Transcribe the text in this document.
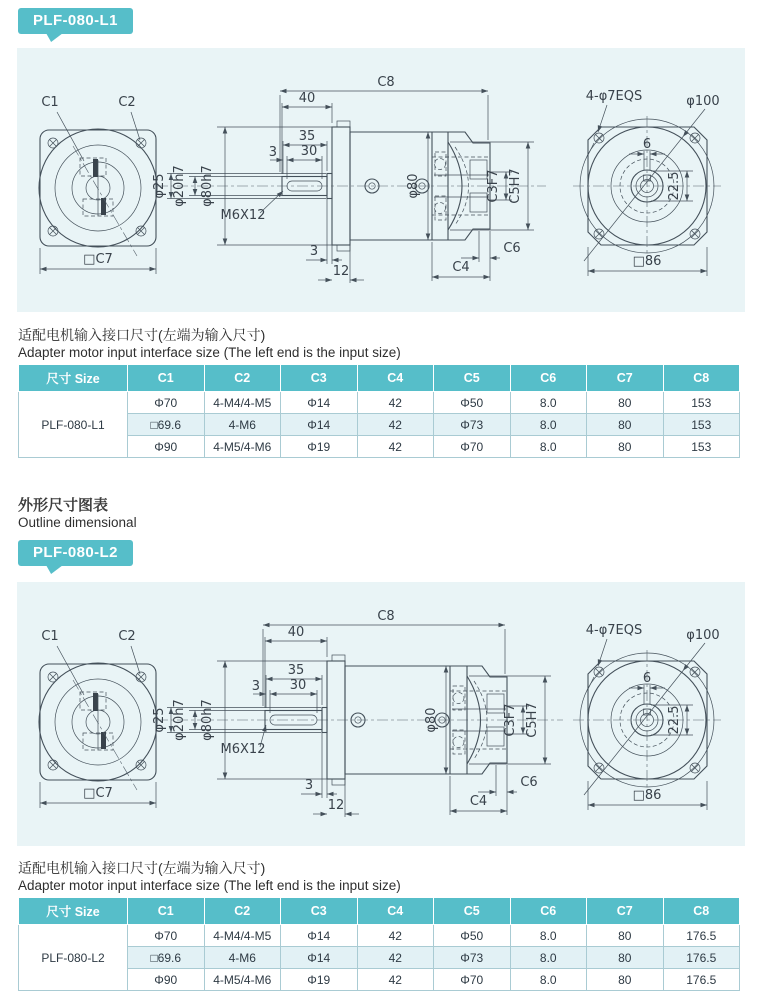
PLF-080-L1
C1	C2
□C7
φ80
C8
40
35
30
3
φ25 φ20h7 φ80h7
M6X12
3
12	C4
C6
C3F7 C5H7
6
22.5
□86
4-φ7EQS	φ100
适配电机输入接口尺寸(左端为输入尺寸)
Adapter motor input interface size (The left end is the input size)
尺寸 Size	C1	C2	C3	C4	C5	C6	C7	C8
PLF-080-L1	Φ70	4-M4/4-M5	Φ14	42	Φ50	8.0	80	153
	□69.6	4-M6	Φ14	42	Φ73	8.0	80	153
	Φ90	4-M5/4-M6	Φ19	42	Φ70	8.0	80	153
外形尺寸图表
Outline dimensional
PLF-080-L2
C1	C2
□C7
φ80
C8
40
35
30
3
φ25 φ20h7 φ80h7
M6X12
3
12	C4
C6
C3F7 C5H7
6
22.5
□86
4-φ7EQS	φ100
适配电机输入接口尺寸(左端为输入尺寸)
Adapter motor input interface size (The left end is the input size)
尺寸 Size	C1	C2	C3	C4	C5	C6	C7	C8
PLF-080-L2	Φ70	4-M4/4-M5	Φ14	42	Φ50	8.0	80	176.5
	□69.6	4-M6	Φ14	42	Φ73	8.0	80	176.5
	Φ90	4-M5/4-M6	Φ19	42	Φ70	8.0	80	176.5
